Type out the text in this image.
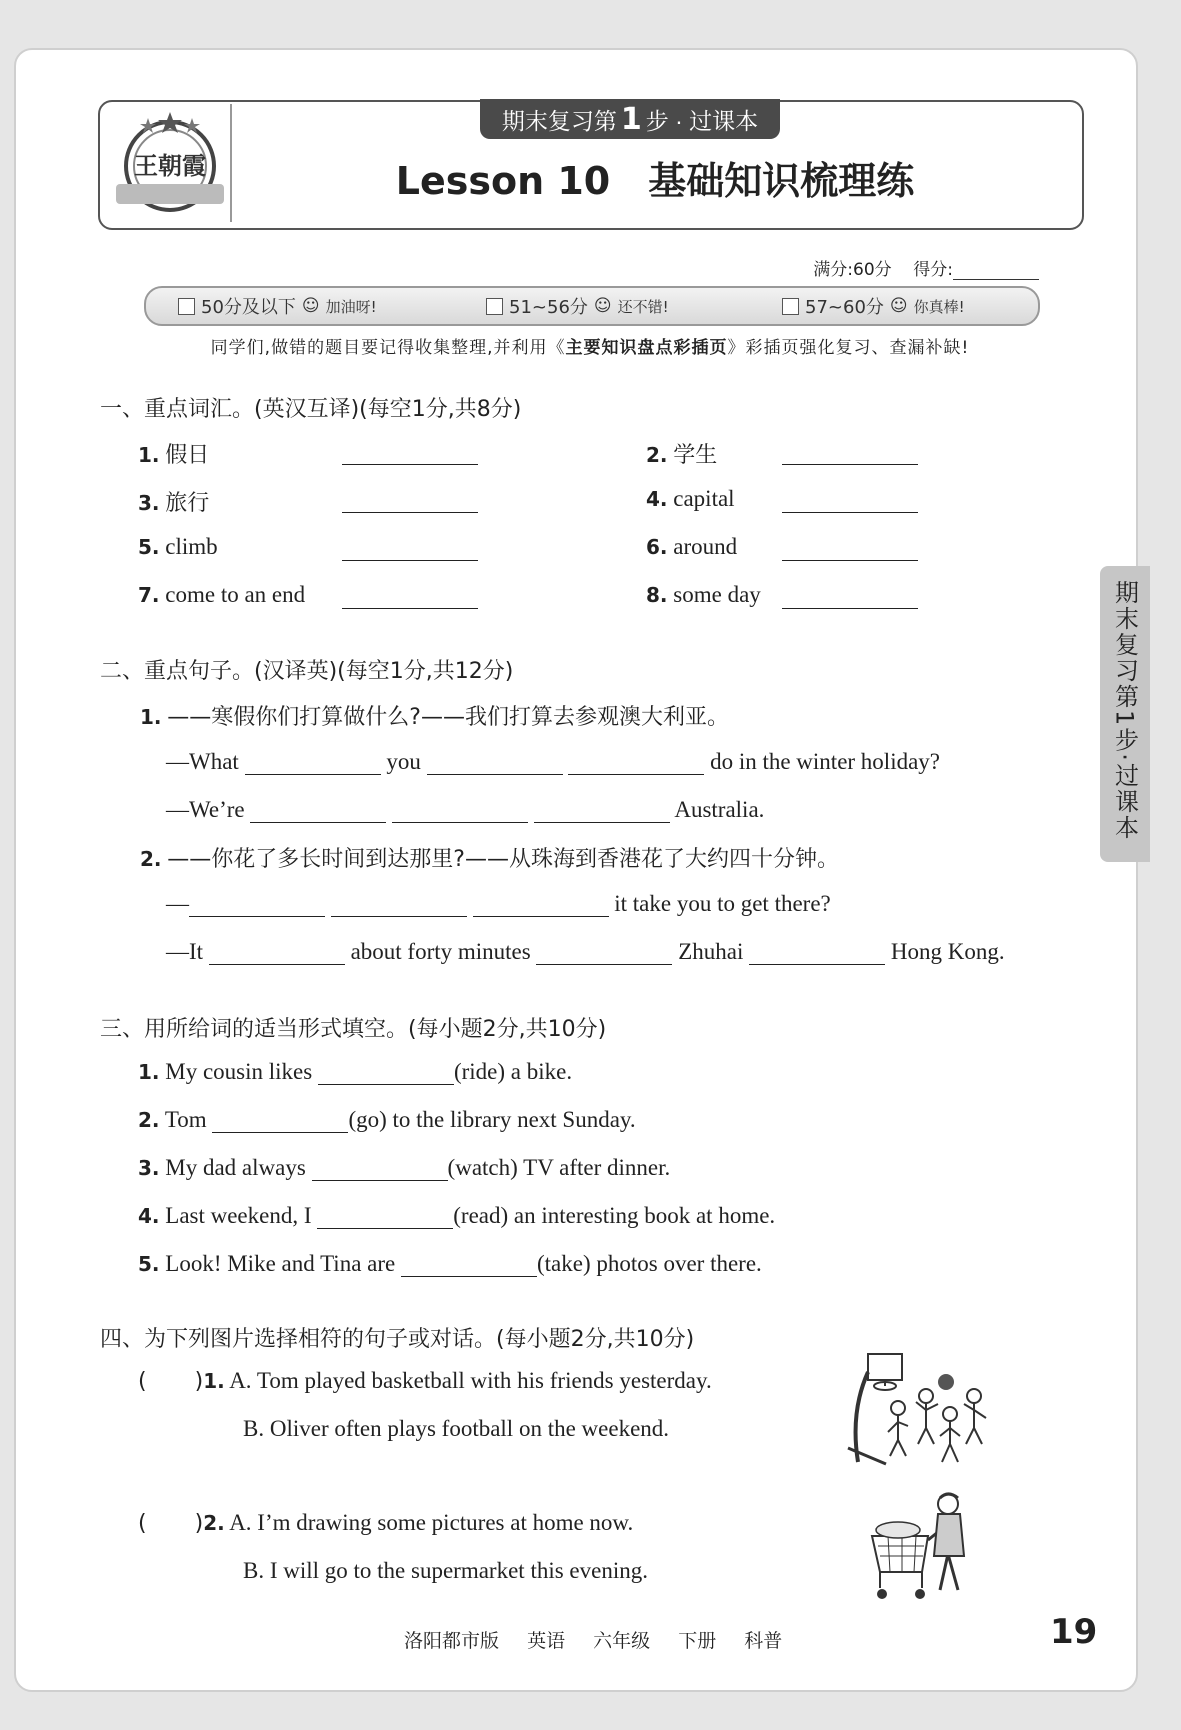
王朝霞
期末复习第 1 步 · 过课本
Lesson 10 基础知识梳理练
满分:60分 得分:
50分及以下 ☺ 加油呀!	51~56分 ☺ 还不错!	57~60分 ☺ 你真棒!
同学们,做错的题目要记得收集整理,并利用《主要知识盘点彩插页》彩插页强化复习、查漏补缺!
一、重点词汇。(英汉互译)(每空1分,共8分)
1. 假日	2. 学生
3. 旅行	4. capital
5. climb	6. around
7. come to an end	8. some day
二、重点句子。(汉译英)(每空1分,共12分)
1. ——寒假你们打算做什么?——我们打算去参观澳大利亚。
—What	you	do in the winter holiday?
—We’re	Australia.
2. ——你花了多长时间到达那里?——从珠海到香港花了大约四十分钟。
—	it take you to get there?
—It	about forty minutes	Zhuhai	Hong Kong.
三、用所给词的适当形式填空。(每小题2分,共10分)
1. My cousin likes	(ride) a bike.
2. Tom	(go) to the library next Sunday.
3. My dad always	(watch) TV after dinner.
4. Last weekend, I	(read) an interesting book at home.
5. Look! Mike and Tina are	(take) photos over there.
四、为下列图片选择相符的句子或对话。(每小题2分,共10分)
( )1. A. Tom played basketball with his friends yesterday.
B. Oliver often plays football on the weekend.
( )2. A. I’m drawing some pictures at home now.
B. I will go to the supermarket this evening.
期末复习第1步·过课本
洛阳都市版 英语 六年级 下册 科普	19
